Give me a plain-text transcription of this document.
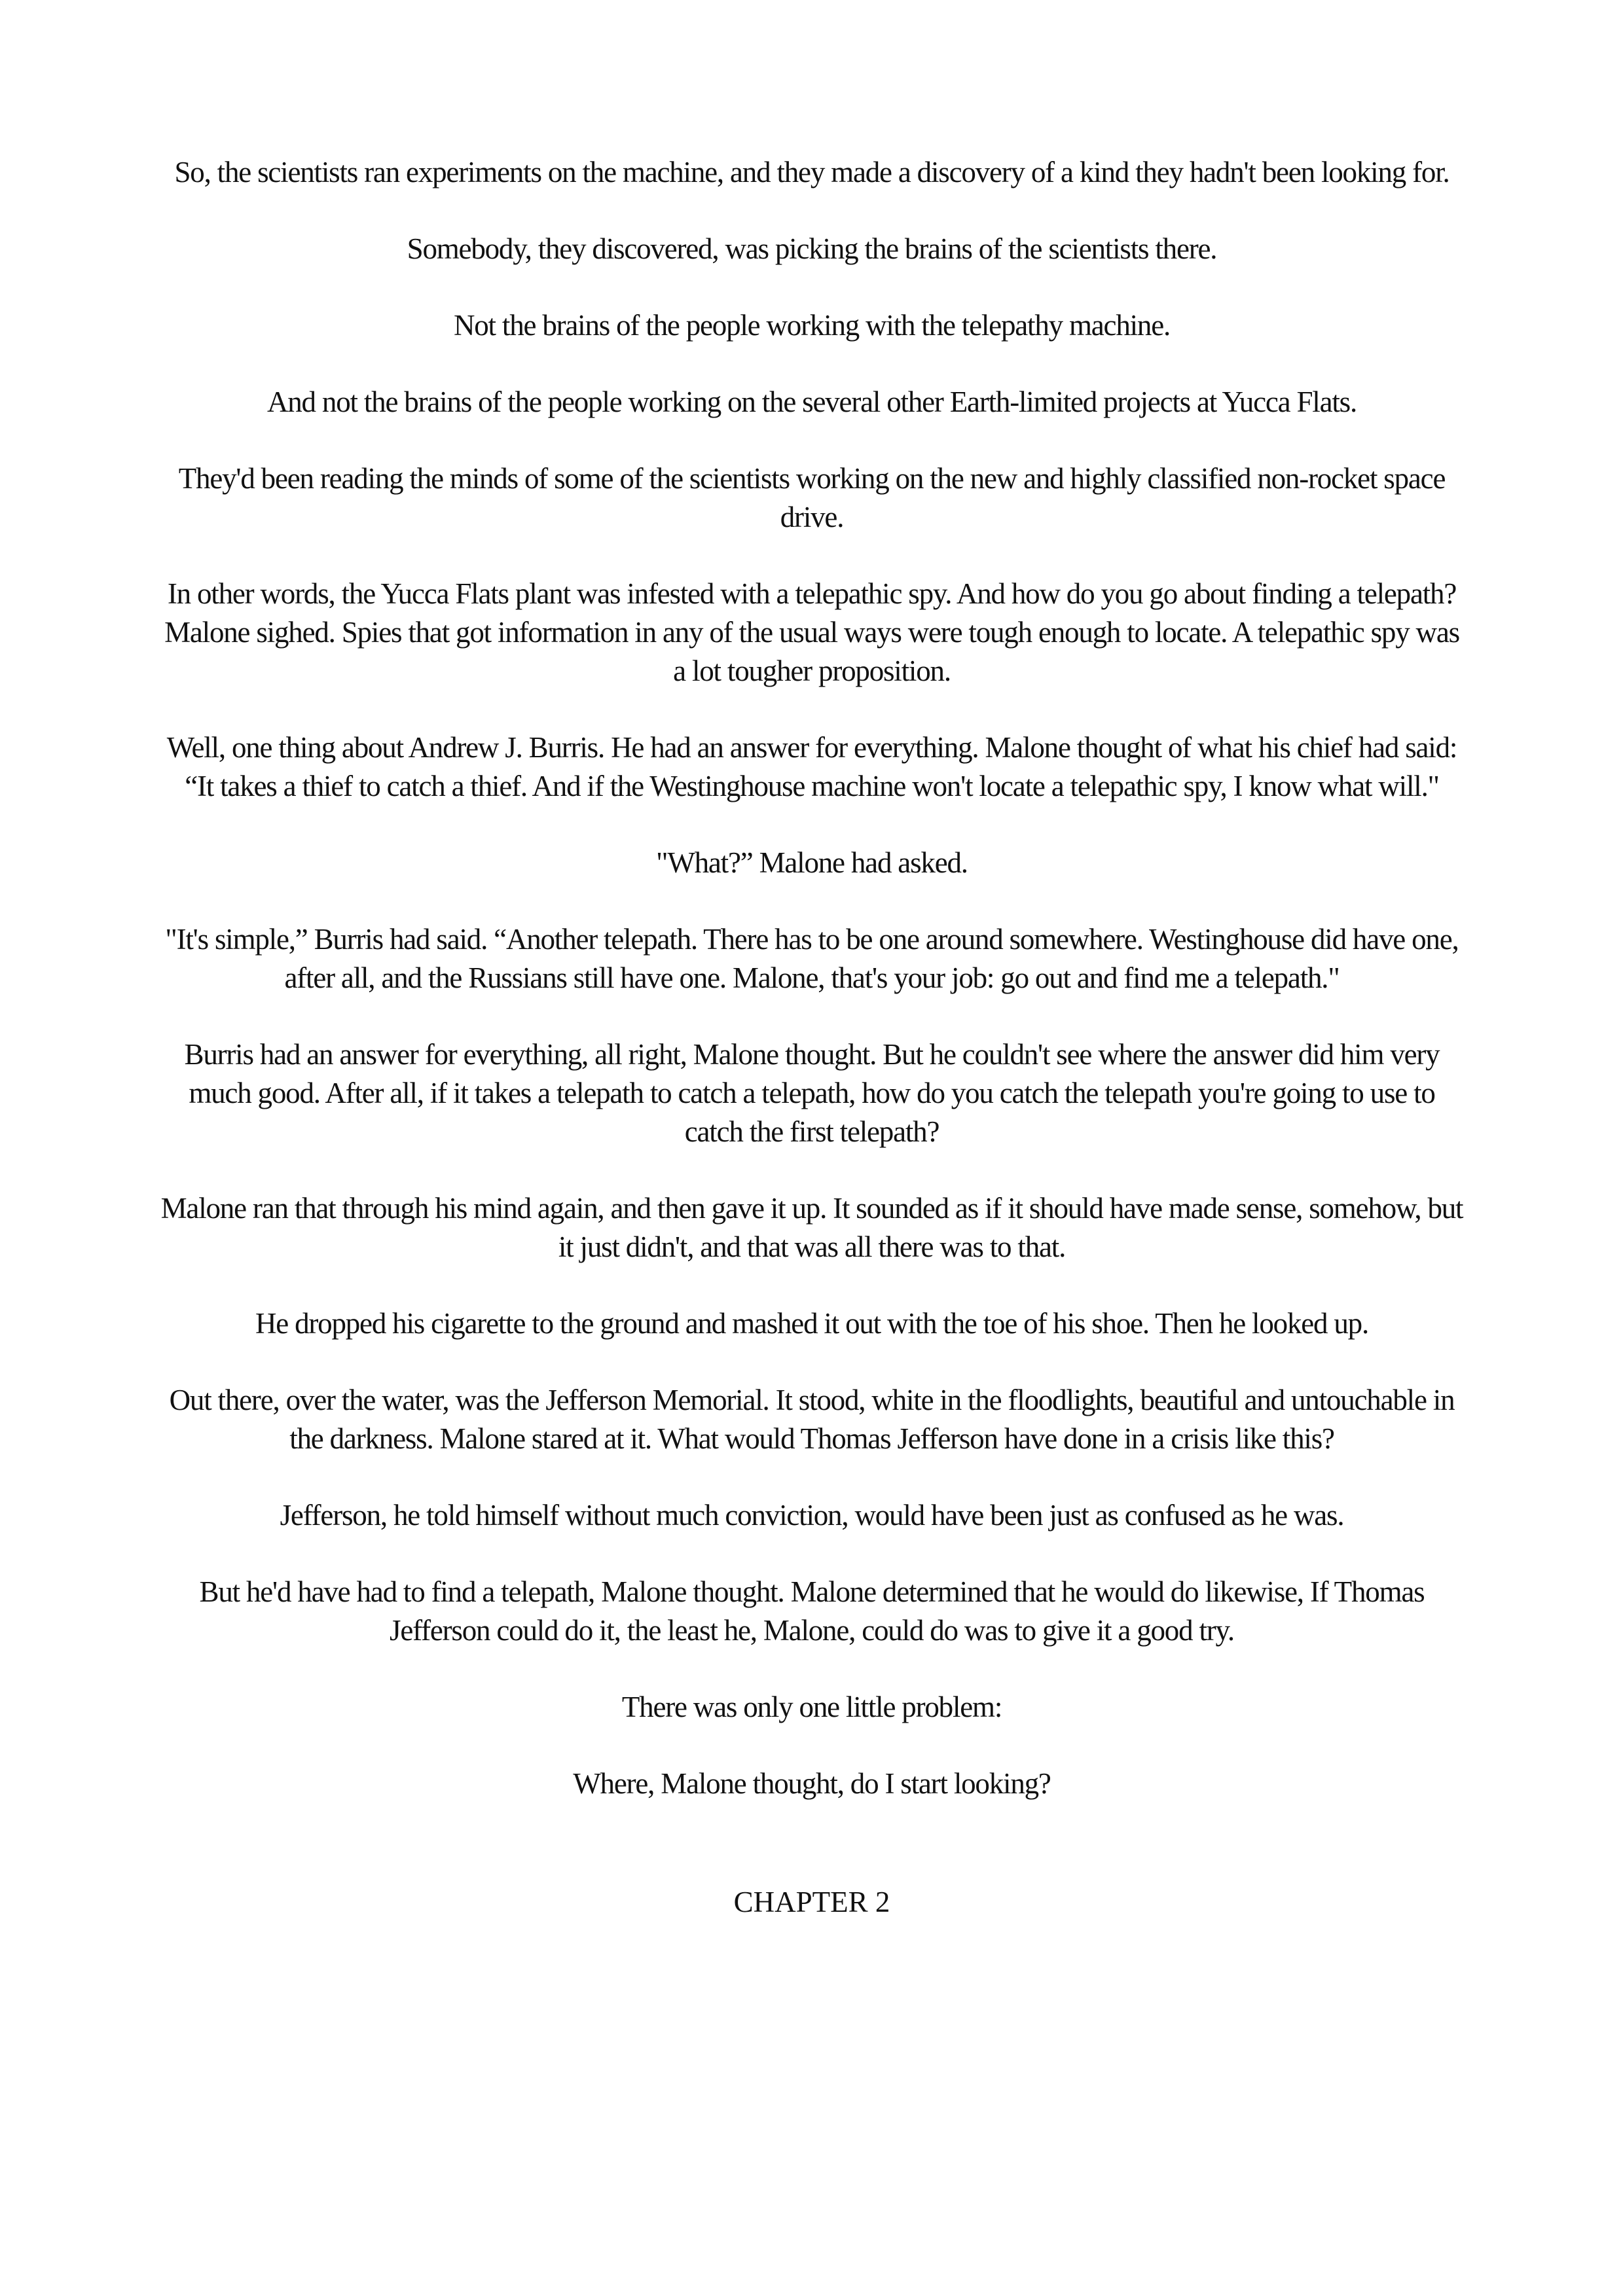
So, the scientists ran experiments on the machine, and they made a discovery of a kind they hadn't been looking for.

Somebody, they discovered, was picking the brains of the scientists there.

Not the brains of the people working with the telepathy machine.

And not the brains of the people working on the several other Earth-limited projects at Yucca Flats.

They'd been reading the minds of some of the scientists working on the new and highly classified non-rocket space drive.

In other words, the Yucca Flats plant was infested with a telepathic spy. And how do you go about finding a telepath? Malone sighed. Spies that got information in any of the usual ways were tough enough to locate. A telepathic spy was a lot tougher proposition.

Well, one thing about Andrew J. Burris. He had an answer for everything. Malone thought of what his chief had said: “It takes a thief to catch a thief. And if the Westinghouse machine won't locate a telepathic spy, I know what will."

"What?” Malone had asked.

"It's simple,” Burris had said. “Another telepath. There has to be one around somewhere. Westinghouse did have one, after all, and the Russians still have one. Malone, that's your job: go out and find me a telepath."

Burris had an answer for everything, all right, Malone thought. But he couldn't see where the answer did him very much good. After all, if it takes a telepath to catch a telepath, how do you catch the telepath you're going to use to catch the first telepath?

Malone ran that through his mind again, and then gave it up. It sounded as if it should have made sense, somehow, but it just didn't, and that was all there was to that.

He dropped his cigarette to the ground and mashed it out with the toe of his shoe. Then he looked up.

Out there, over the water, was the Jefferson Memorial. It stood, white in the floodlights, beautiful and untouchable in the darkness. Malone stared at it. What would Thomas Jefferson have done in a crisis like this?

Jefferson, he told himself without much conviction, would have been just as confused as he was.

But he'd have had to find a telepath, Malone thought. Malone determined that he would do likewise, If Thomas Jefferson could do it, the least he, Malone, could do was to give it a good try.

There was only one little problem:

Where, Malone thought, do I start looking?

CHAPTER 2
